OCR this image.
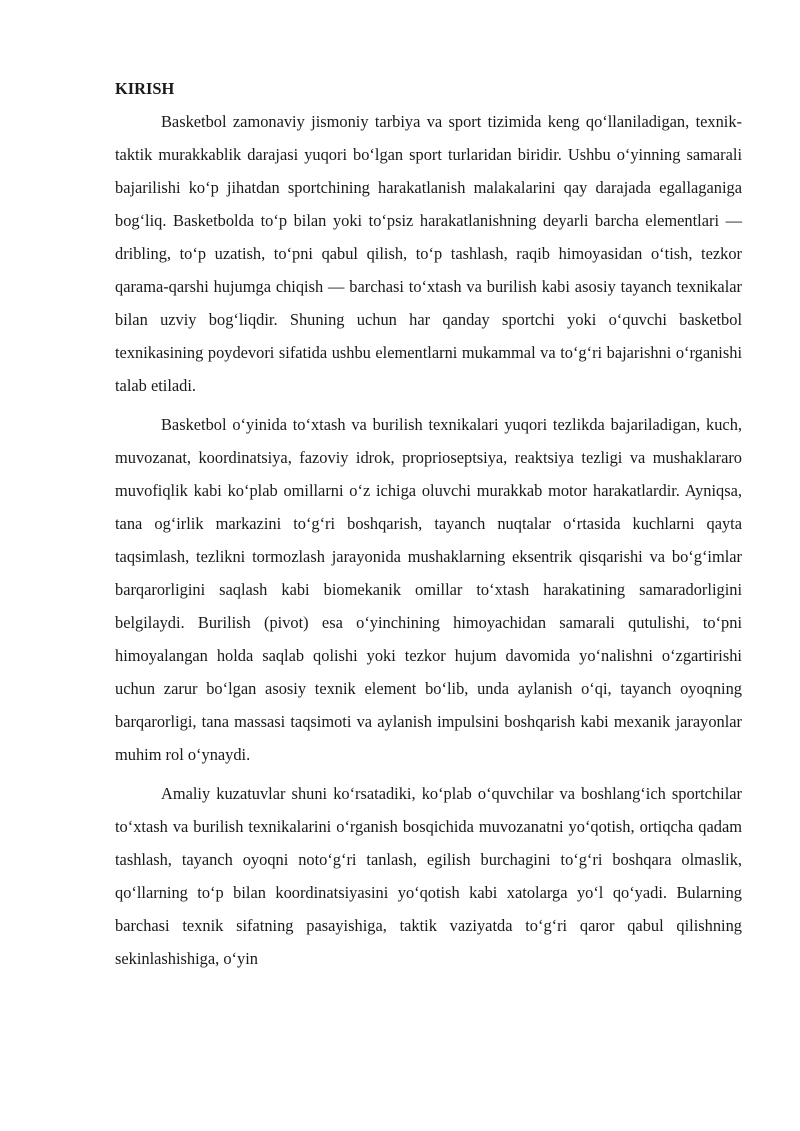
KIRISH

Basketbol zamonaviy jismoniy tarbiya va sport tizimida keng qo‘llaniladigan, texnik-taktik murakkablik darajasi yuqori bo‘lgan sport turlaridan biridir. Ushbu o‘yinning samarali bajarilishi ko‘p jihatdan sportchining harakatlanish malakalarini qay darajada egallaganiga bog‘liq. Basketbolda to‘p bilan yoki to‘psiz harakatlanishning deyarli barcha elementlari — dribling, to‘p uzatish, to‘pni qabul qilish, to‘p tashlash, raqib himoyasidan o‘tish, tezkor qarama-qarshi hujumga chiqish — barchasi to‘xtash va burilish kabi asosiy tayanch texnikalar bilan uzviy bog‘liqdir. Shuning uchun har qanday sportchi yoki o‘quvchi basketbol texnikasining poydevori sifatida ushbu elementlarni mukammal va to‘g‘ri bajarishni o‘rganishi talab etiladi.

Basketbol o‘yinida to‘xtash va burilish texnikalari yuqori tezlikda bajariladigan, kuch, muvozanat, koordinatsiya, fazoviy idrok, proprioseptsiya, reaktsiya tezligi va mushaklararo muvofiqlik kabi ko‘plab omillarni o‘z ichiga oluvchi murakkab motor harakatlardir. Ayniqsa, tana og‘irlik markazini to‘g‘ri boshqarish, tayanch nuqtalar o‘rtasida kuchlarni qayta taqsimlash, tezlikni tormozlash jarayonida mushaklarning eksentrik qisqarishi va bo‘g‘imlar barqarorligini saqlash kabi biomekanik omillar to‘xtash harakatining samaradorligini belgilaydi. Burilish (pivot) esa o‘yinchining himoyachidan samarali qutulishi, to‘pni himoyalangan holda saqlab qolishi yoki tezkor hujum davomida yo‘nalishni o‘zgartirishi uchun zarur bo‘lgan asosiy texnik element bo‘lib, unda aylanish o‘qi, tayanch oyoqning barqarorligi, tana massasi taqsimoti va aylanish impulsini boshqarish kabi mexanik jarayonlar muhim rol o‘ynaydi.

Amaliy kuzatuvlar shuni ko‘rsatadiki, ko‘plab o‘quvchilar va boshlang‘ich sportchilar to‘xtash va burilish texnikalarini o‘rganish bosqichida muvozanatni yo‘qotish, ortiqcha qadam tashlash, tayanch oyoqni noto‘g‘ri tanlash, egilish burchagini to‘g‘ri boshqara olmaslik, qo‘llarning to‘p bilan koordinatsiyasini yo‘qotish kabi xatolarga yo‘l qo‘yadi. Bularning barchasi texnik sifatning pasayishiga, taktik vaziyatda to‘g‘ri qaror qabul qilishning sekinlashishiga, o‘yin
